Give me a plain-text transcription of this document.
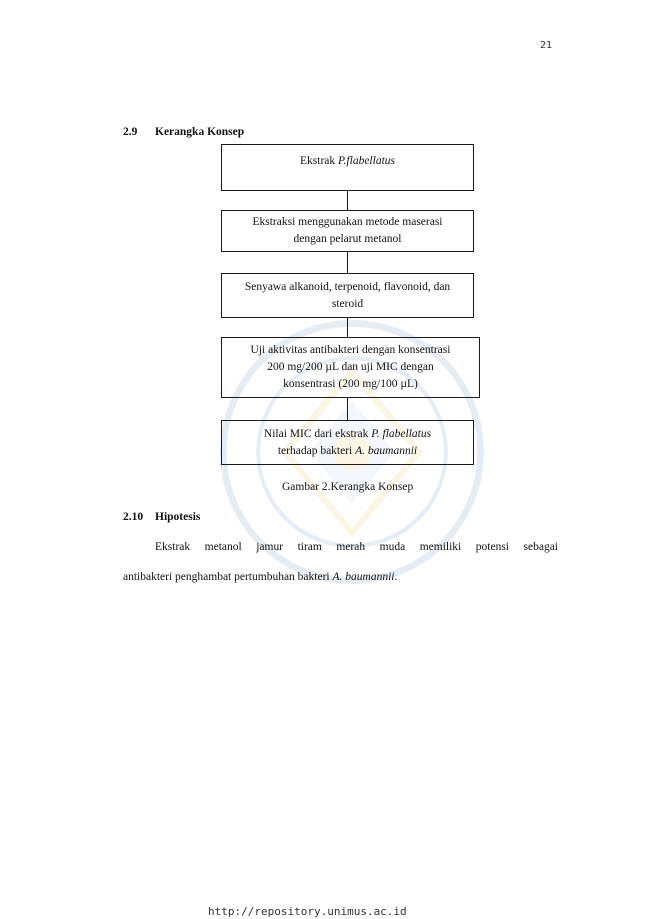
21
2.9 Kerangka Konsep
Ekstrak P.flabellatus
Ekstraksi menggunakan metode maserasi
dengan pelarut metanol
Senyawa alkanoid, terpenoid, flavonoid, dan
steroid
Uji aktivitas antibakteri dengan konsentrasi
200 mg/200 µL dan uji MIC dengan
konsentrasi (200 mg/100 µL)
Nilai MIC dari ekstrak P. flabellatus
terhadap bakteri A. baumannii
Gambar 2.Kerangka Konsep
2.10 Hipotesis
Ekstrak metanol jamur tiram merah muda memiliki potensi sebagai
antibakteri penghambat pertumbuhan bakteri A. baumannii.
http://repository.unimus.ac.id
